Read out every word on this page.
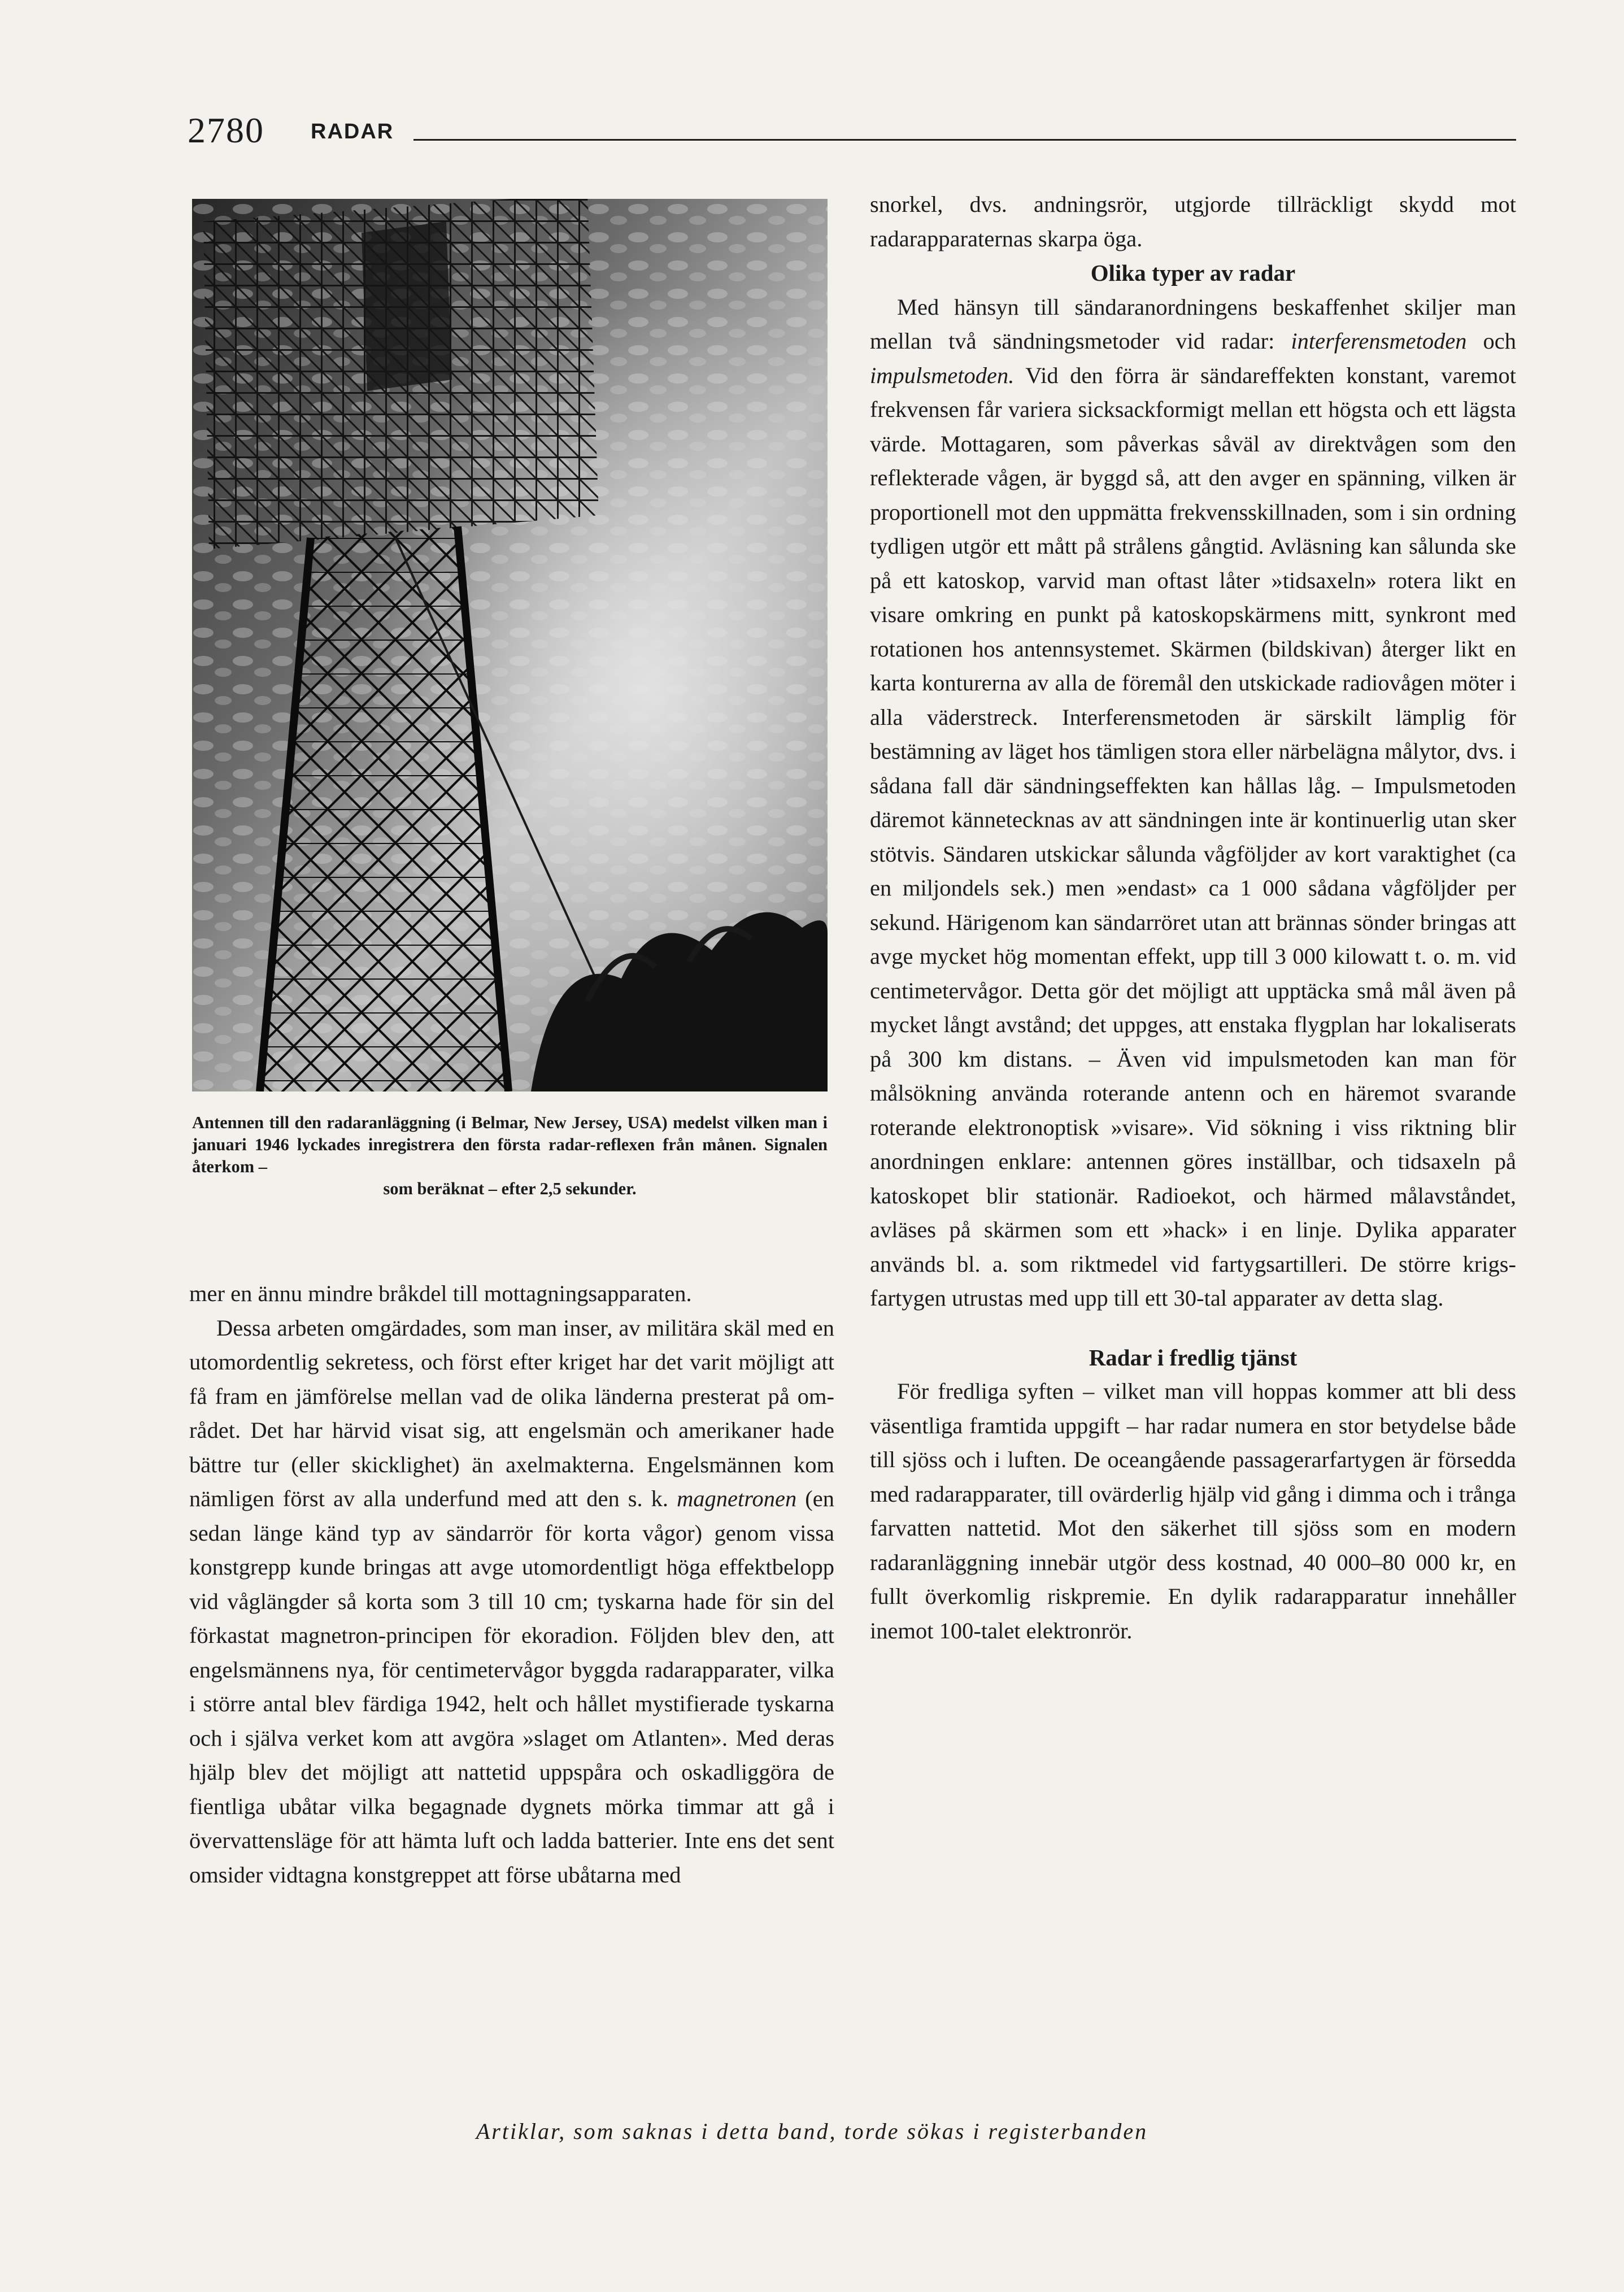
2780 RADAR
Antennen till den radaranläggning (i Belmar, New Jersey, USA) medelst vilken man i januari 1946 lyckades inregistrera den första radar-reflexen från månen. Signalen återkom –
som beräknat – efter 2,5 sekunder.

mer en ännu mindre bråkdel till mottagningsapparaten.

Dessa arbeten omgärdades, som man inser, av militära skäl med en utomordentlig sekretess, och först efter kriget har det varit möjligt att få fram en jämförelse mellan vad de olika länderna presterat på området. Det har härvid visat sig, att engelsmän och amerikaner hade bättre tur (eller skicklighet) än axelmakterna. Engelsmännen kom nämligen först av alla underfund med att den s. k. magnetronen (en sedan länge känd typ av sändarrör för korta vågor) genom vissa konstgrepp kunde bringas att avge utomordentligt höga effektbelopp vid våglängder så korta som 3 till 10 cm; tyskarna hade för sin del förkastat magnetron-principen för ekoradion. Följden blev den, att engelsmännens nya, för centimetervågor byggda radarapparater, vilka i större antal blev färdiga 1942, helt och hållet mystifierade tyskarna och i själva verket kom att avgöra »slaget om Atlanten». Med deras hjälp blev det möjligt att nattetid uppspåra och oskadliggöra de fientliga ubåtar vilka begagnade dygnets mörka timmar att gå i övervattensläge för att hämta luft och ladda batterier. Inte ens det sent omsider vidtagna konstgreppet att förse ubåtarna med

snorkel, dvs. andningsrör, utgjorde tillräckligt skydd mot radarapparaternas skarpa öga.

Olika typer av radar

Med hänsyn till sändaranordningens beskaffenhet skiljer man mellan två sändningsmetoder vid radar: interferensmetoden och impulsmetoden. Vid den förra är sändareffekten konstant, varemot frekvensen får variera sicksackformigt mellan ett högsta och ett lägsta värde. Mottagaren, som påverkas såväl av direktvågen som den reflekterade vågen, är byggd så, att den avger en spänning, vilken är proportionell mot den uppmätta frekvensskillnaden, som i sin ordning tydligen utgör ett mått på strålens gångtid. Avläsning kan sålunda ske på ett katoskop, varvid man oftast låter »tidsaxeln» rotera likt en visare omkring en punkt på katoskopskärmens mitt, synkront med rotationen hos antennsystemet. Skärmen (bildskivan) återger likt en karta konturerna av alla de föremål den utskickade radiovågen möter i alla väderstreck. Interferensmetoden är särskilt lämplig för bestämning av läget hos tämligen stora eller närbelägna målytor, dvs. i sådana fall där sändningseffekten kan hållas låg. – Impulsmetoden däremot kännetecknas av att sändningen inte är kontinuerlig utan sker stötvis. Sändaren utskickar sålunda vågföljder av kort varaktighet (ca en miljondels sek.) men »endast» ca 1 000 sådana vågföljder per sekund. Härigenom kan sändarröret utan att brännas sönder bringas att avge mycket hög momentan effekt, upp till 3 000 kilowatt t. o. m. vid centimetervågor. Detta gör det möjligt att upptäcka små mål även på mycket långt avstånd; det uppges, att enstaka flygplan har lokaliserats på 300 km distans. – Även vid impulsmetoden kan man för målsökning använda roterande antenn och en häremot svarande roterande elektronoptisk »visare». Vid sökning i viss riktning blir anordningen enklare: antennen göres inställbar, och tidsaxeln på katoskopet blir stationär. Radioekot, och härmed målavståndet, avläses på skärmen som ett »hack» i en linje. Dylika apparater används bl. a. som riktmedel vid fartygsartilleri. De större krigsfartygen utrustas med upp till ett 30-tal apparater av detta slag.

Radar i fredlig tjänst

För fredliga syften – vilket man vill hoppas kommer att bli dess väsentliga framtida uppgift – har radar numera en stor betydelse både till sjöss och i luften. De oceangående passagerarfartygen är försedda med radarapparater, till ovärderlig hjälp vid gång i dimma och i trånga farvatten nattetid. Mot den säkerhet till sjöss som en modern radaranläggning innebär utgör dess kostnad, 40 000–80 000 kr, en fullt överkomlig riskpremie. En dylik radarapparatur innehåller inemot 100-talet elektronrör.

Artiklar, som saknas i detta band, torde sökas i registerbanden
